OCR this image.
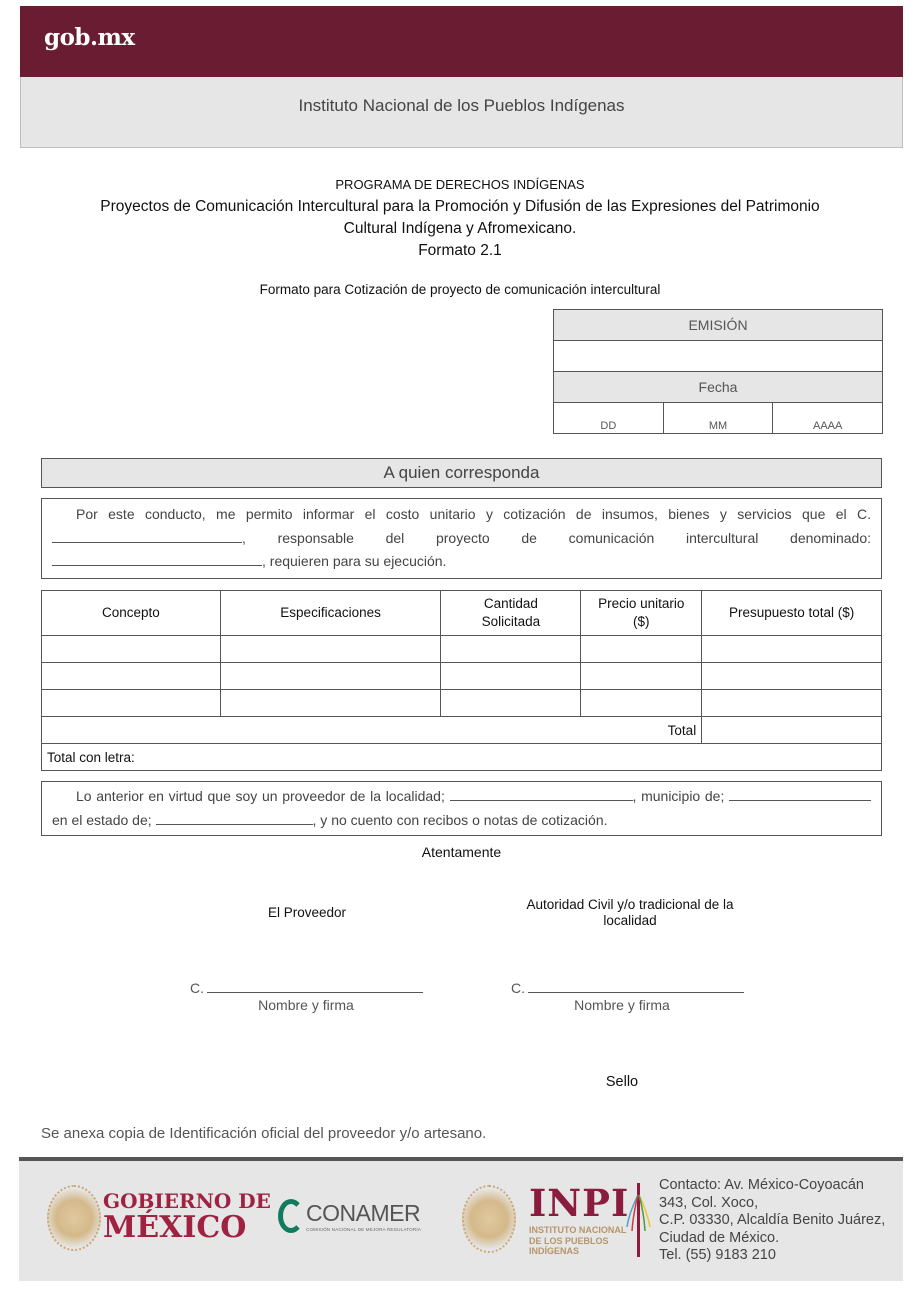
gob.mx
Instituto Nacional de los Pueblos Indígenas
PROGRAMA DE DERECHOS INDÍGENAS
Proyectos de Comunicación Intercultural para la Promoción y Difusión de las Expresiones del Patrimonio
Cultural Indígena y Afromexicano.
Formato 2.1
Formato para Cotización de proyecto de comunicación intercultural
EMISIÓN
Fecha
DD	MM	AAAA
A quien corresponda
Por este conducto, me permito informar el costo unitario y cotización de insumos, bienes y servicios que el C. , responsable del proyecto de comunicación intercultural denominado: , requieren para su ejecución.
Concepto	Especificaciones	Cantidad Solicitada	Precio unitario ($)	Presupuesto total ($)

Total				
Total con letra:				
Lo anterior en virtud que soy un proveedor de la localidad;	, municipio de;  en el estado de;	, y no cuento con recibos o notas de cotización.
Atentamente
El Proveedor
Autoridad Civil y/o tradicional de la localidad
C.
Nombre y firma
C.
Nombre y firma
Sello
Se anexa copia de Identificación oficial del proveedor y/o artesano.
GOBIERNO DE
MÉXICO	CONAMER
COMISIÓN NACIONAL DE MEJORA REGULATORIA
INPI
INSTITUTO NACIONAL
DE LOS PUEBLOS
INDÍGENAS
Contacto: Av. México-Coyoacán
343, Col. Xoco,
C.P. 03330, Alcaldía Benito Juárez,
Ciudad de México.
Tel. (55) 9183 210
